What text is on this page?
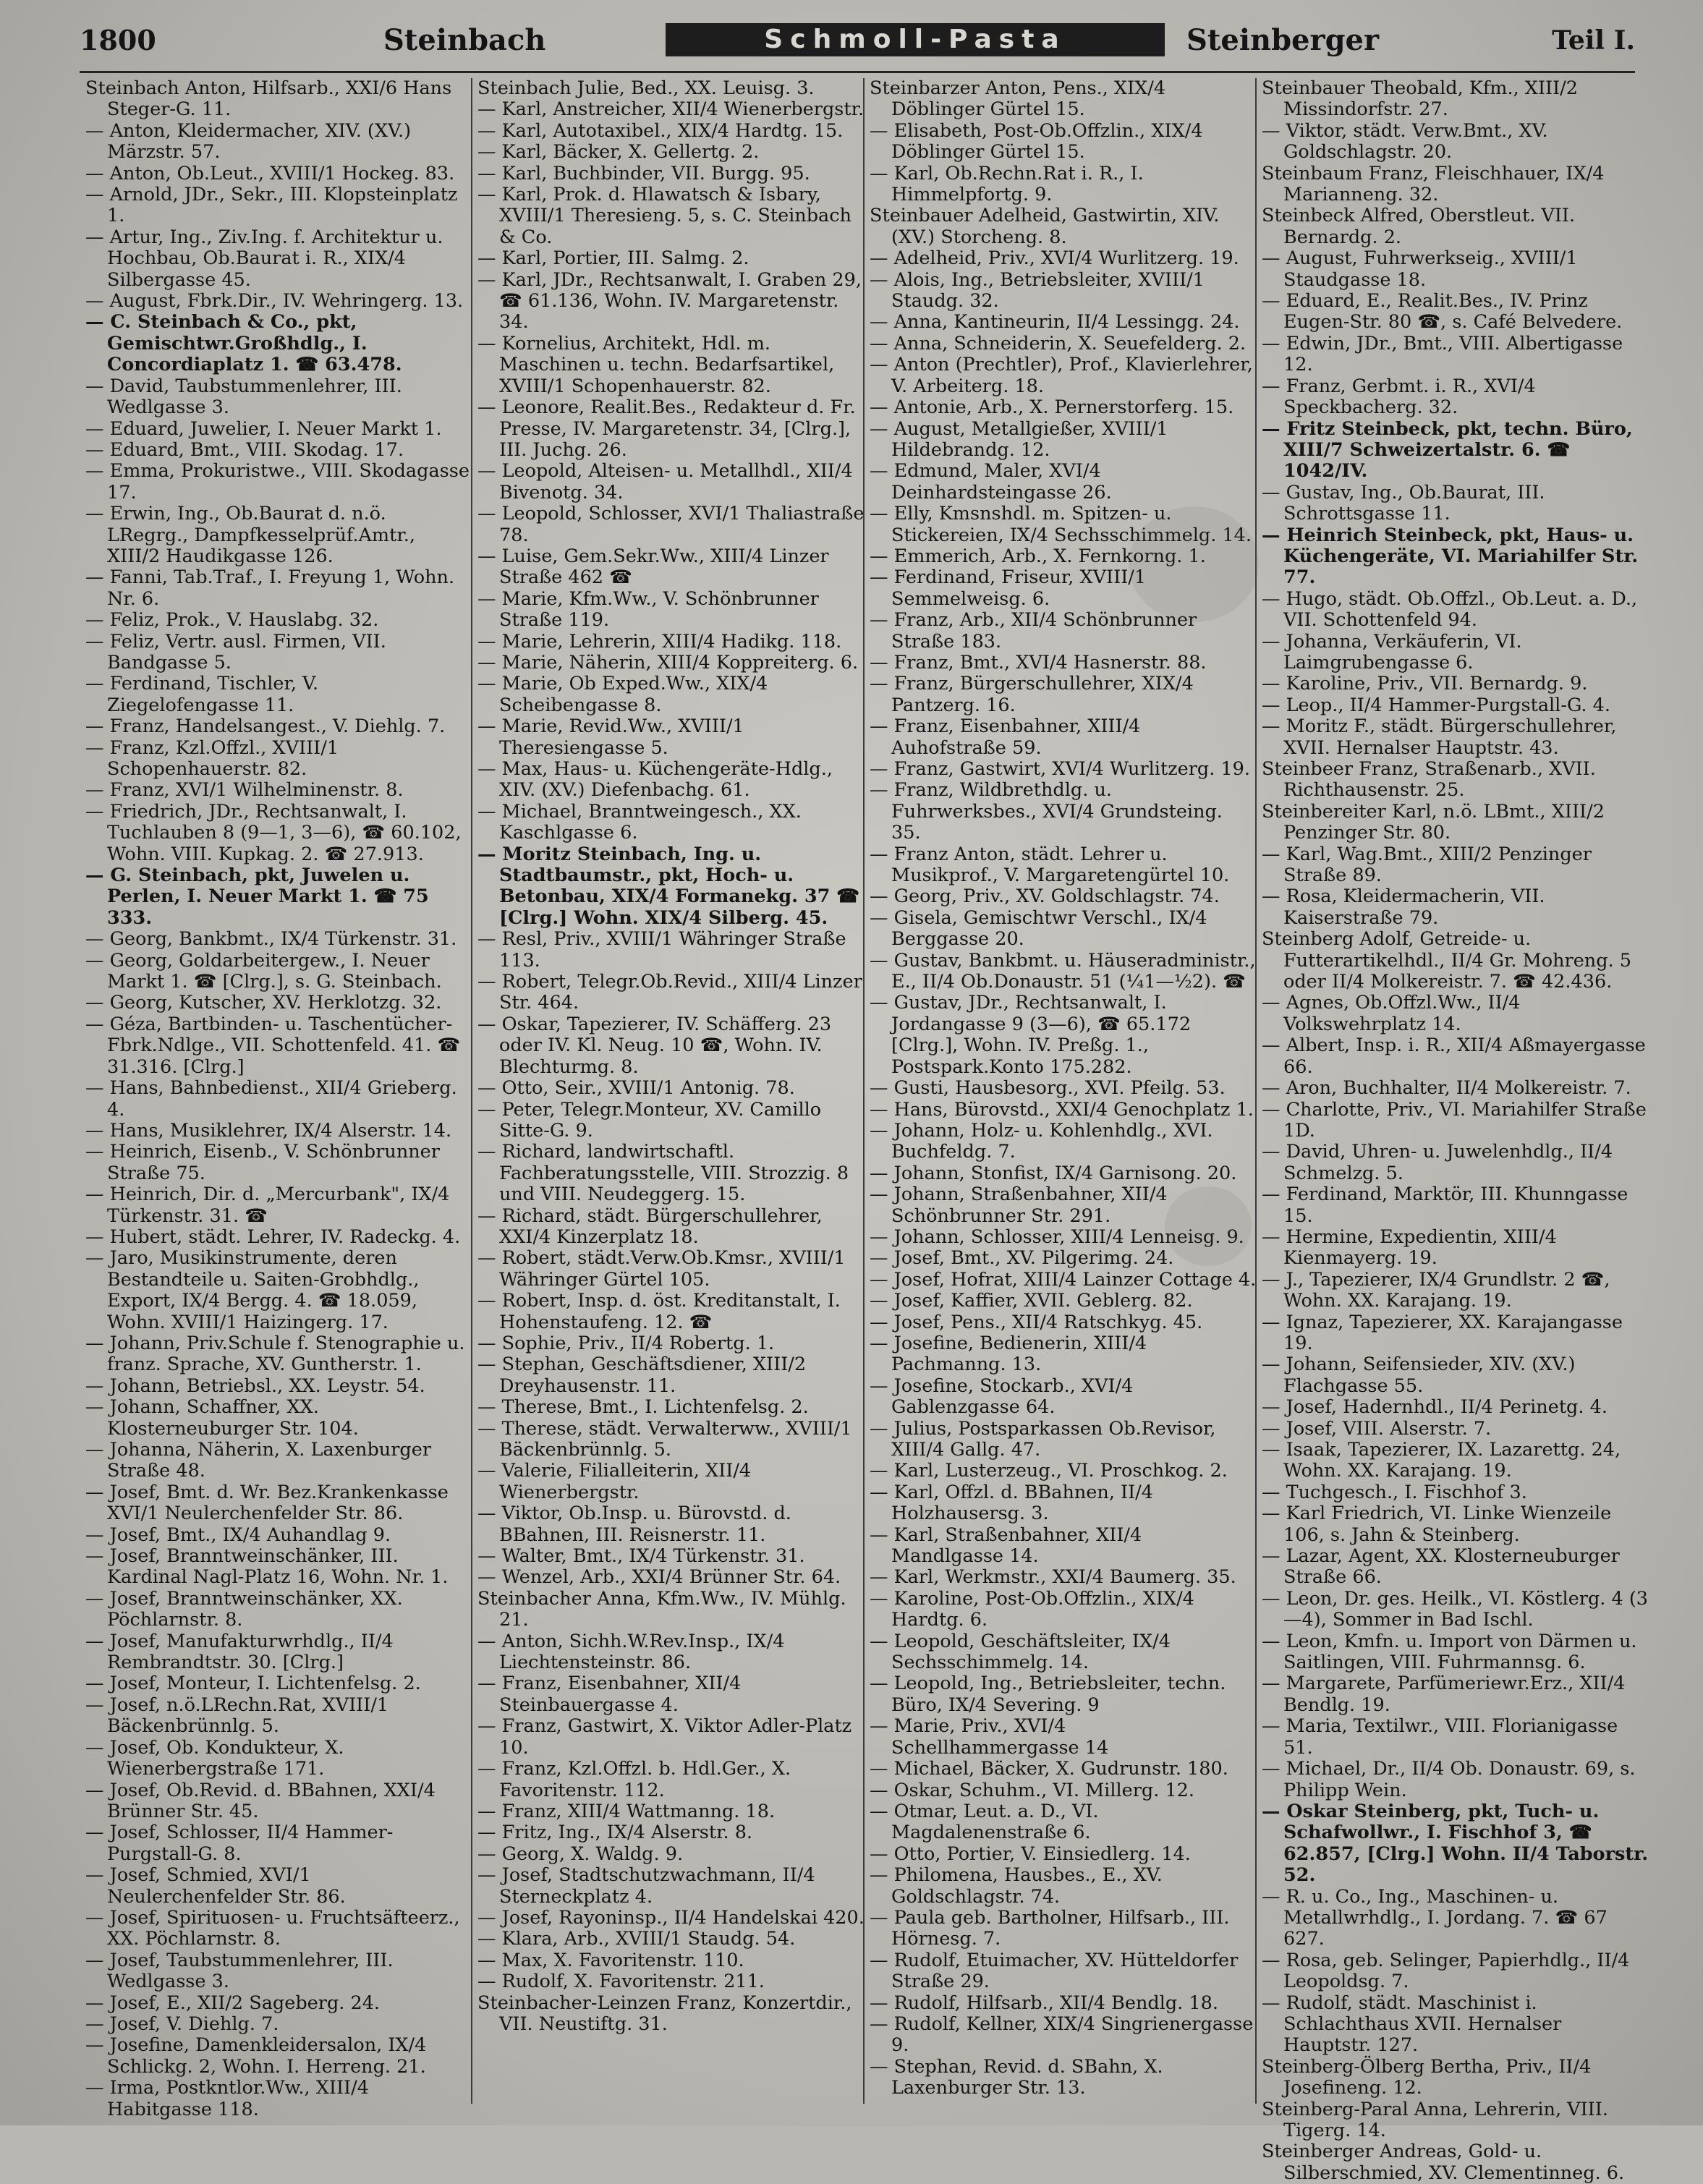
1800	Steinbach	Schmoll-Pasta	Steinberger	Teil I.

Steinbach Anton, Hilfsarb., XXI/6 Hans Steger-G. 11.

— Anton, Kleidermacher, XIV. (XV.) Märzstr. 57.

— Anton, Ob.Leut., XVIII/1 Hockeg. 83.

— Arnold, JDr., Sekr., III. Klopsteinplatz 1.

— Artur, Ing., Ziv.Ing. f. Architektur u. Hochbau, Ob.Baurat i. R., XIX/4 Silbergasse 45.

— August, Fbrk.Dir., IV. Wehringerg. 13.

— C. Steinbach & Co., pkt, Gemischtwr.Großhdlg., I. Concordiaplatz 1. ☎ 63.478.

— David, Taubstummenlehrer, III. Wedlgasse 3.

— Eduard, Juwelier, I. Neuer Markt 1.

— Eduard, Bmt., VIII. Skodag. 17.

— Emma, Prokuristwe., VIII. Skodagasse 17.

— Erwin, Ing., Ob.Baurat d. n.ö. LRegrg., Dampfkesselprüf.Amtr., XIII/2 Haudikgasse 126.

— Fanni, Tab.Traf., I. Freyung 1, Wohn. Nr. 6.

— Feliz, Prok., V. Hauslabg. 32.

— Feliz, Vertr. ausl. Firmen, VII. Bandgasse 5.

— Ferdinand, Tischler, V. Ziegelofengasse 11.

— Franz, Handelsangest., V. Diehlg. 7.

— Franz, Kzl.Offzl., XVIII/1 Schopenhauerstr. 82.

— Franz, XVI/1 Wilhelminenstr. 8.

— Friedrich, JDr., Rechtsanwalt, I. Tuchlauben 8 (9—1, 3—6), ☎ 60.102, Wohn. VIII. Kupkag. 2. ☎ 27.913.

— G. Steinbach, pkt, Juwelen u. Perlen, I. Neuer Markt 1. ☎ 75 333.

— Georg, Bankbmt., IX/4 Türkenstr. 31.

— Georg, Goldarbeitergew., I. Neuer Markt 1. ☎ [Clrg.], s. G. Steinbach.

— Georg, Kutscher, XV. Herklotzg. 32.

— Géza, Bartbinden- u. Taschentücher-Fbrk.Ndlge., VII. Schottenfeld. 41. ☎ 31.316. [Clrg.]

— Hans, Bahnbedienst., XII/4 Grieberg. 4.

— Hans, Musiklehrer, IX/4 Alserstr. 14.

— Heinrich, Eisenb., V. Schönbrunner Straße 75.

— Heinrich, Dir. d. „Mercurbank", IX/4 Türkenstr. 31. ☎

— Hubert, städt. Lehrer, IV. Radeckg. 4.

— Jaro, Musikinstrumente, deren Bestandteile u. Saiten-Grobhdlg., Export, IX/4 Bergg. 4. ☎ 18.059, Wohn. XVIII/1 Haizingerg. 17.

— Johann, Priv.Schule f. Stenographie u. franz. Sprache, XV. Guntherstr. 1.

— Johann, Betriebsl., XX. Leystr. 54.

— Johann, Schaffner, XX. Klosterneuburger Str. 104.

— Johanna, Näherin, X. Laxenburger Straße 48.

— Josef, Bmt. d. Wr. Bez.Krankenkasse XVI/1 Neulerchenfelder Str. 86.

— Josef, Bmt., IX/4 Auhandlag 9.

— Josef, Branntweinschänker, III. Kardinal Nagl-Platz 16, Wohn. Nr. 1.

— Josef, Branntweinschänker, XX. Pöchlarnstr. 8.

— Josef, Manufakturwrhdlg., II/4 Rembrandtstr. 30. [Clrg.]

— Josef, Monteur, I. Lichtenfelsg. 2.

— Josef, n.ö.LRechn.Rat, XVIII/1 Bäckenbrünnlg. 5.

— Josef, Ob. Kondukteur, X. Wienerbergstraße 171.

— Josef, Ob.Revid. d. BBahnen, XXI/4 Brünner Str. 45.

— Josef, Schlosser, II/4 Hammer-Purgstall-G. 8.

— Josef, Schmied, XVI/1 Neulerchenfelder Str. 86.

— Josef, Spirituosen- u. Fruchtsäfteerz., XX. Pöchlarnstr. 8.

— Josef, Taubstummenlehrer, III. Wedlgasse 3.

— Josef, E., XII/2 Sageberg. 24.

— Josef, V. Diehlg. 7.

— Josefine, Damenkleidersalon, IX/4 Schlickg. 2, Wohn. I. Herreng. 21.

— Irma, Postkntlor.Ww., XIII/4 Habitgasse 118.

Steinbach Julie, Bed., XX. Leuisg. 3.

— Karl, Anstreicher, XII/4 Wienerbergstr.

— Karl, Autotaxibel., XIX/4 Hardtg. 15.

— Karl, Bäcker, X. Gellertg. 2.

— Karl, Buchbinder, VII. Burgg. 95.

— Karl, Prok. d. Hlawatsch & Isbary, XVIII/1 Theresieng. 5, s. C. Steinbach & Co.

— Karl, Portier, III. Salmg. 2.

— Karl, JDr., Rechtsanwalt, I. Graben 29, ☎ 61.136, Wohn. IV. Margaretenstr. 34.

— Kornelius, Architekt, Hdl. m. Maschinen u. techn. Bedarfsartikel, XVIII/1 Schopenhauerstr. 82.

— Leonore, Realit.Bes., Redakteur d. Fr. Presse, IV. Margaretenstr. 34, [Clrg.], III. Juchg. 26.

— Leopold, Alteisen- u. Metallhdl., XII/4 Bivenotg. 34.

— Leopold, Schlosser, XVI/1 Thaliastraße 78.

— Luise, Gem.Sekr.Ww., XIII/4 Linzer Straße 462 ☎

— Marie, Kfm.Ww., V. Schönbrunner Straße 119.

— Marie, Lehrerin, XIII/4 Hadikg. 118.

— Marie, Näherin, XIII/4 Koppreiterg. 6.

— Marie, Ob Exped.Ww., XIX/4 Scheibengasse 8.

— Marie, Revid.Ww., XVIII/1 Theresiengasse 5.

— Max, Haus- u. Küchengeräte-Hdlg., XIV. (XV.) Diefenbachg. 61.

— Michael, Branntweingesch., XX. Kaschlgasse 6.

— Moritz Steinbach, Ing. u. Stadtbaumstr., pkt, Hoch- u. Betonbau, XIX/4 Formanekg. 37 ☎ [Clrg.] Wohn. XIX/4 Silberg. 45.

— Resl, Priv., XVIII/1 Währinger Straße 113.

— Robert, Telegr.Ob.Revid., XIII/4 Linzer Str. 464.

— Oskar, Tapezierer, IV. Schäfferg. 23 oder IV. Kl. Neug. 10 ☎, Wohn. IV. Blechturmg. 8.

— Otto, Seir., XVIII/1 Antonig. 78.

— Peter, Telegr.Monteur, XV. Camillo Sitte-G. 9.

— Richard, landwirtschaftl. Fachberatungsstelle, VIII. Strozzig. 8 und VIII. Neudeggerg. 15.

— Richard, städt. Bürgerschullehrer, XXI/4 Kinzerplatz 18.

— Robert, städt.Verw.Ob.Kmsr., XVIII/1 Währinger Gürtel 105.

— Robert, Insp. d. öst. Kreditanstalt, I. Hohenstaufeng. 12. ☎

— Sophie, Priv., II/4 Robertg. 1.

— Stephan, Geschäftsdiener, XIII/2 Dreyhausenstr. 11.

— Therese, Bmt., I. Lichtenfelsg. 2.

— Therese, städt. Verwalterww., XVIII/1 Bäckenbrünnlg. 5.

— Valerie, Filialleiterin, XII/4 Wienerbergstr.

— Viktor, Ob.Insp. u. Bürovstd. d. BBahnen, III. Reisnerstr. 11.

— Walter, Bmt., IX/4 Türkenstr. 31.

— Wenzel, Arb., XXI/4 Brünner Str. 64.

Steinbacher Anna, Kfm.Ww., IV. Mühlg. 21.

— Anton, Sichh.W.Rev.Insp., IX/4 Liechtensteinstr. 86.

— Franz, Eisenbahner, XII/4 Steinbauergasse 4.

— Franz, Gastwirt, X. Viktor Adler-Platz 10.

— Franz, Kzl.Offzl. b. Hdl.Ger., X. Favoritenstr. 112.

— Franz, XIII/4 Wattmanng. 18.

— Fritz, Ing., IX/4 Alserstr. 8.

— Georg, X. Waldg. 9.

— Josef, Stadtschutzwachmann, II/4 Sterneckplatz 4.

— Josef, Rayoninsp., II/4 Handelskai 420.

— Klara, Arb., XVIII/1 Staudg. 54.

— Max, X. Favoritenstr. 110.

— Rudolf, X. Favoritenstr. 211.

Steinbacher-Leinzen Franz, Konzertdir., VII. Neustiftg. 31.

Steinbarzer Anton, Pens., XIX/4 Döblinger Gürtel 15.

— Elisabeth, Post-Ob.Offzlin., XIX/4 Döblinger Gürtel 15.

— Karl, Ob.Rechn.Rat i. R., I. Himmelpfortg. 9.

Steinbauer Adelheid, Gastwirtin, XIV. (XV.) Storcheng. 8.

— Adelheid, Priv., XVI/4 Wurlitzerg. 19.

— Alois, Ing., Betriebsleiter, XVIII/1 Staudg. 32.

— Anna, Kantineurin, II/4 Lessingg. 24.

— Anna, Schneiderin, X. Seuefelderg. 2.

— Anton (Prechtler), Prof., Klavierlehrer, V. Arbeiterg. 18.

— Antonie, Arb., X. Pernerstorferg. 15.

— August, Metallgießer, XVIII/1 Hildebrandg. 12.

— Edmund, Maler, XVI/4 Deinhardsteingasse 26.

— Elly, Kmsnshdl. m. Spitzen- u. Stickereien, IX/4 Sechsschimmelg. 14.

— Emmerich, Arb., X. Fernkorng. 1.

— Ferdinand, Friseur, XVIII/1 Semmelweisg. 6.

— Franz, Arb., XII/4 Schönbrunner Straße 183.

— Franz, Bmt., XVI/4 Hasnerstr. 88.

— Franz, Bürgerschullehrer, XIX/4 Pantzerg. 16.

— Franz, Eisenbahner, XIII/4 Auhofstraße 59.

— Franz, Gastwirt, XVI/4 Wurlitzerg. 19.

— Franz, Wildbrethdlg. u. Fuhrwerksbes., XVI/4 Grundsteing. 35.

— Franz Anton, städt. Lehrer u. Musikprof., V. Margaretengürtel 10.

— Georg, Priv., XV. Goldschlagstr. 74.

— Gisela, Gemischtwr Verschl., IX/4 Berggasse 20.

— Gustav, Bankbmt. u. Häuseradministr., E., II/4 Ob.Donaustr. 51 (¼1—½2). ☎

— Gustav, JDr., Rechtsanwalt, I. Jordangasse 9 (3—6), ☎ 65.172 [Clrg.], Wohn. IV. Preßg. 1., Postspark.Konto 175.282.

— Gusti, Hausbesorg., XVI. Pfeilg. 53.

— Hans, Bürovstd., XXI/4 Genochplatz 1.

— Johann, Holz- u. Kohlenhdlg., XVI. Buchfeldg. 7.

— Johann, Stonfist, IX/4 Garnisong. 20.

— Johann, Straßenbahner, XII/4 Schönbrunner Str. 291.

— Johann, Schlosser, XIII/4 Lenneisg. 9.

— Josef, Bmt., XV. Pilgerimg. 24.

— Josef, Hofrat, XIII/4 Lainzer Cottage 4.

— Josef, Kaffier, XVII. Geblerg. 82.

— Josef, Pens., XII/4 Ratschkyg. 45.

— Josefine, Bedienerin, XIII/4 Pachmanng. 13.

— Josefine, Stockarb., XVI/4 Gablenzgasse 64.

— Julius, Postsparkassen Ob.Revisor, XIII/4 Gallg. 47.

— Karl, Lusterzeug., VI. Proschkog. 2.

— Karl, Offzl. d. BBahnen, II/4 Holzhausersg. 3.

— Karl, Straßenbahner, XII/4 Mandlgasse 14.

— Karl, Werkmstr., XXI/4 Baumerg. 35.

— Karoline, Post-Ob.Offzlin., XIX/4 Hardtg. 6.

— Leopold, Geschäftsleiter, IX/4 Sechsschimmelg. 14.

— Leopold, Ing., Betriebsleiter, techn. Büro, IX/4 Severing. 9

— Marie, Priv., XVI/4 Schellhammergasse 14

— Michael, Bäcker, X. Gudrunstr. 180.

— Oskar, Schuhm., VI. Millerg. 12.

— Otmar, Leut. a. D., VI. Magdalenenstraße 6.

— Otto, Portier, V. Einsiedlerg. 14.

— Philomena, Hausbes., E., XV. Goldschlagstr. 74.

— Paula geb. Bartholner, Hilfsarb., III. Hörnesg. 7.

— Rudolf, Etuimacher, XV. Hütteldorfer Straße 29.

— Rudolf, Hilfsarb., XII/4 Bendlg. 18.

— Rudolf, Kellner, XIX/4 Singrienergasse 9.

— Stephan, Revid. d. SBahn, X. Laxenburger Str. 13.

Steinbauer Theobald, Kfm., XIII/2 Missindorfstr. 27.

— Viktor, städt. Verw.Bmt., XV. Goldschlagstr. 20.

Steinbaum Franz, Fleischhauer, IX/4 Marianneng. 32.

Steinbeck Alfred, Oberstleut. VII. Bernardg. 2.

— August, Fuhrwerkseig., XVIII/1 Staudgasse 18.

— Eduard, E., Realit.Bes., IV. Prinz Eugen-Str. 80 ☎, s. Café Belvedere.

— Edwin, JDr., Bmt., VIII. Albertigasse 12.

— Franz, Gerbmt. i. R., XVI/4 Speckbacherg. 32.

— Fritz Steinbeck, pkt, techn. Büro, XIII/7 Schweizertalstr. 6. ☎ 1042/IV.

— Gustav, Ing., Ob.Baurat, III. Schrottsgasse 11.

— Heinrich Steinbeck, pkt, Haus- u. Küchengeräte, VI. Mariahilfer Str. 77.

— Hugo, städt. Ob.Offzl., Ob.Leut. a. D., VII. Schottenfeld 94.

— Johanna, Verkäuferin, VI. Laimgrubengasse 6.

— Karoline, Priv., VII. Bernardg. 9.

— Leop., II/4 Hammer-Purgstall-G. 4.

— Moritz F., städt. Bürgerschullehrer, XVII. Hernalser Hauptstr. 43.

Steinbeer Franz, Straßenarb., XVII. Richthausenstr. 25.

Steinbereiter Karl, n.ö. LBmt., XIII/2 Penzinger Str. 80.

— Karl, Wag.Bmt., XIII/2 Penzinger Straße 89.

— Rosa, Kleidermacherin, VII. Kaiserstraße 79.

Steinberg Adolf, Getreide- u. Futterartikelhdl., II/4 Gr. Mohreng. 5 oder II/4 Molkereistr. 7. ☎ 42.436.

— Agnes, Ob.Offzl.Ww., II/4 Volkswehrplatz 14.

— Albert, Insp. i. R., XII/4 Aßmayergasse 66.

— Aron, Buchhalter, II/4 Molkereistr. 7.

— Charlotte, Priv., VI. Mariahilfer Straße 1D.

— David, Uhren- u. Juwelenhdlg., II/4 Schmelzg. 5.

— Ferdinand, Marktör, III. Khunngasse 15.

— Hermine, Expedientin, XIII/4 Kienmayerg. 19.

— J., Tapezierer, IX/4 Grundlstr. 2 ☎, Wohn. XX. Karajang. 19.

— Ignaz, Tapezierer, XX. Karajangasse 19.

— Johann, Seifensieder, XIV. (XV.) Flachgasse 55.

— Josef, Hadernhdl., II/4 Perinetg. 4.

— Josef, VIII. Alserstr. 7.

— Isaak, Tapezierer, IX. Lazarettg. 24, Wohn. XX. Karajang. 19.

— Tuchgesch., I. Fischhof 3.

— Karl Friedrich, VI. Linke Wienzeile 106, s. Jahn & Steinberg.

— Lazar, Agent, XX. Klosterneuburger Straße 66.

— Leon, Dr. ges. Heilk., VI. Köstlerg. 4 (3—4), Sommer in Bad Ischl.

— Leon, Kmfn. u. Import von Därmen u. Saitlingen, VIII. Fuhrmannsg. 6.

— Margarete, Parfümeriewr.Erz., XII/4 Bendlg. 19.

— Maria, Textilwr., VIII. Florianigasse 51.

— Michael, Dr., II/4 Ob. Donaustr. 69, s. Philipp Wein.

— Oskar Steinberg, pkt, Tuch- u. Schafwollwr., I. Fischhof 3, ☎ 62.857, [Clrg.] Wohn. II/4 Taborstr. 52.

— R. u. Co., Ing., Maschinen- u. Metallwrhdlg., I. Jordang. 7. ☎ 67 627.

— Rosa, geb. Selinger, Papierhdlg., II/4 Leopoldsg. 7.

— Rudolf, städt. Maschinist i. Schlachthaus XVII. Hernalser Hauptstr. 127.

Steinberg-Ölberg Bertha, Priv., II/4 Josefineng. 12.

Steinberg-Paral Anna, Lehrerin, VIII. Tigerg. 14.

Steinberger Andreas, Gold- u. Silberschmied, XV. Clementinneg. 6.
